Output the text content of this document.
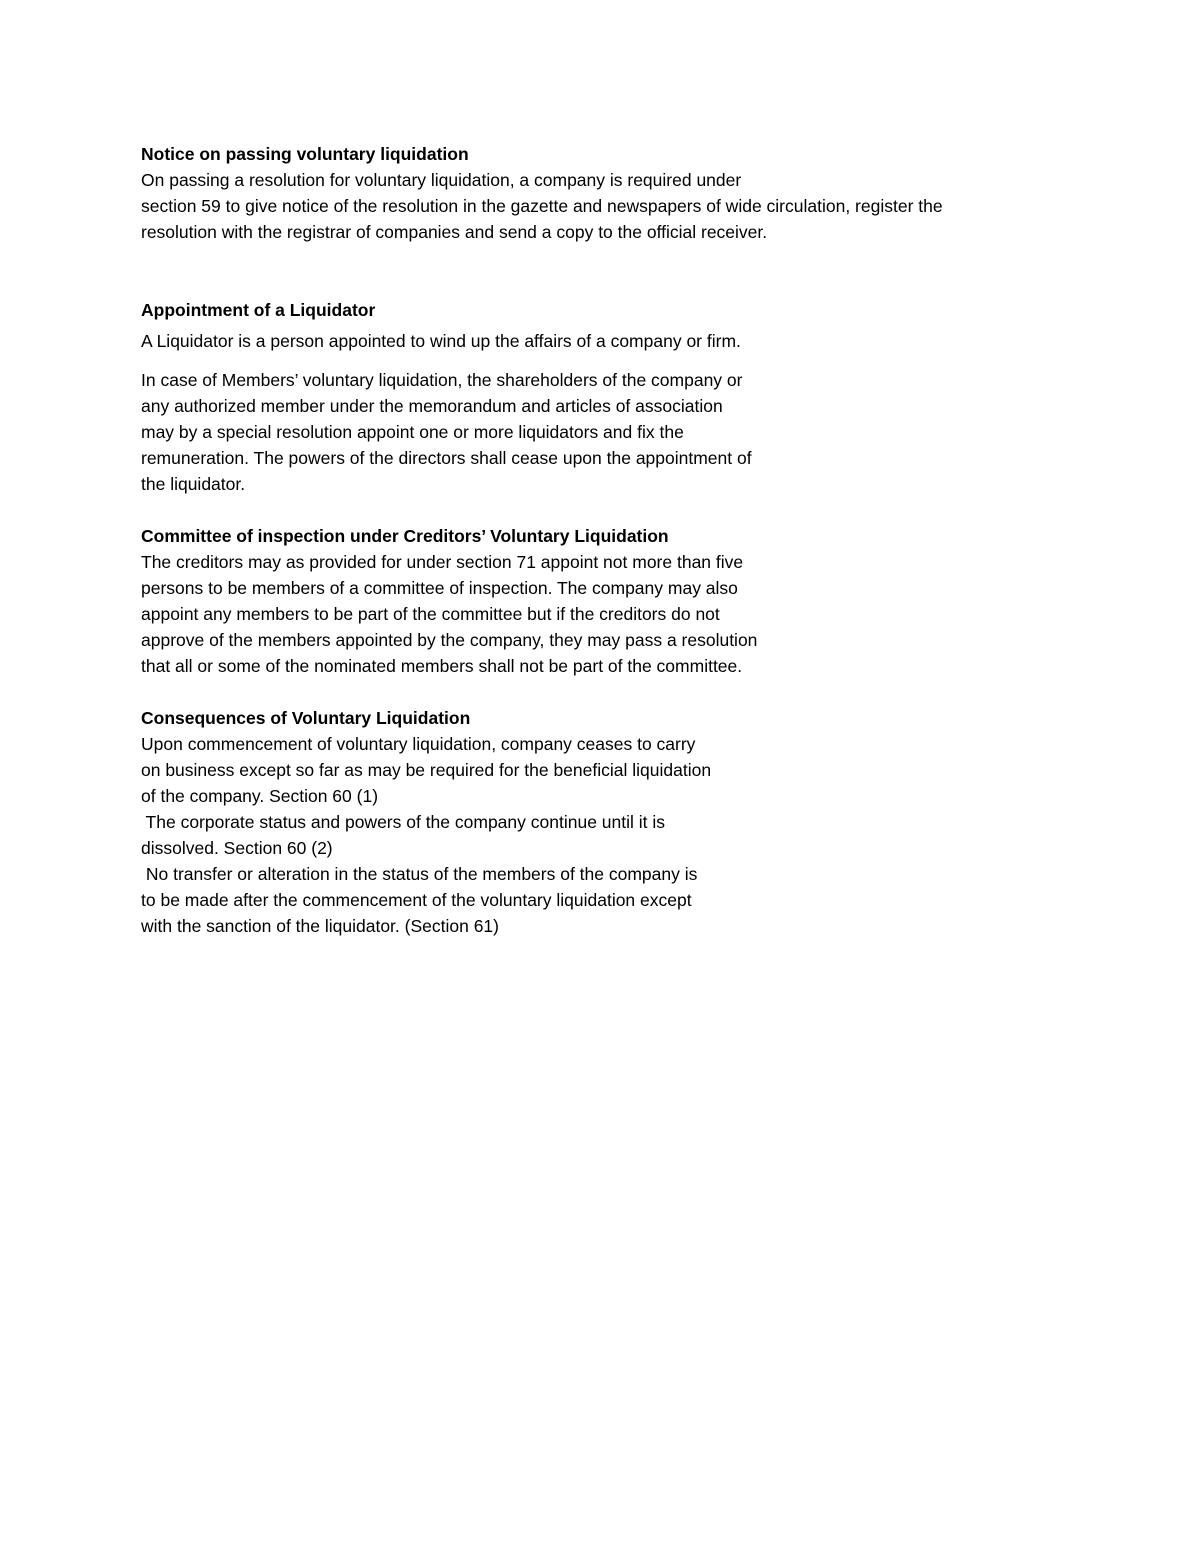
Notice on passing voluntary liquidation
On passing a resolution for voluntary liquidation, a company is required under
section 59 to give notice of the resolution in the gazette and newspapers of wide circulation, register the
resolution with the registrar of companies and send a copy to the official receiver.
Appointment of a Liquidator
A Liquidator is a person appointed to wind up the affairs of a company or firm.
In case of Members’ voluntary liquidation, the shareholders of the company or
any authorized member under the memorandum and articles of association
may by a special resolution appoint one or more liquidators and fix the
remuneration. The powers of the directors shall cease upon the appointment of
the liquidator.
Committee of inspection under Creditors’ Voluntary Liquidation
The creditors may as provided for under section 71 appoint not more than five
persons to be members of a committee of inspection. The company may also
appoint any members to be part of the committee but if the creditors do not
approve of the members appointed by the company, they may pass a resolution
that all or some of the nominated members shall not be part of the committee.
Consequences of Voluntary Liquidation
Upon commencement of voluntary liquidation, company ceases to carry
on business except so far as may be required for the beneficial liquidation
of the company. Section 60 (1)
The corporate status and powers of the company continue until it is
dissolved. Section 60 (2)
No transfer or alteration in the status of the members of the company is
to be made after the commencement of the voluntary liquidation except
with the sanction of the liquidator. (Section 61)
